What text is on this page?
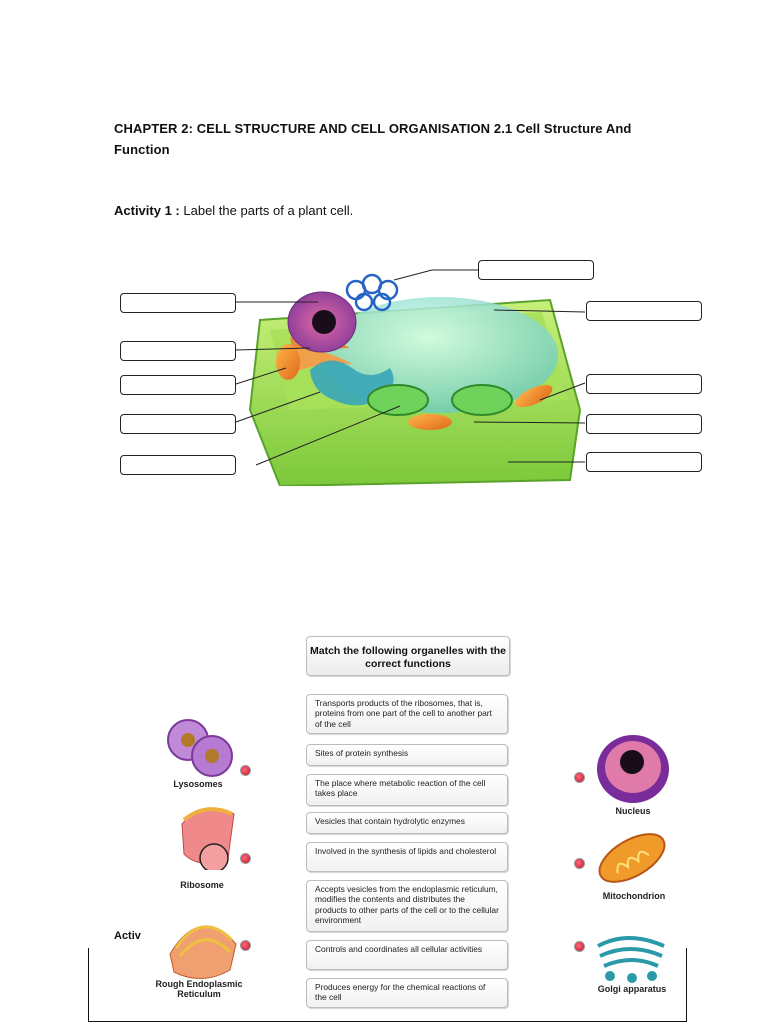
CHAPTER 2: CELL STRUCTURE AND CELL ORGANISATION 2.1 Cell Structure And Function
Activity 1 : Label the parts of a plant cell.
Match the following organelles with the correct functions
Transports products of the ribosomes, that is, proteins from one part of the cell to another part of the cell
Sites of protein synthesis
The place where metabolic reaction of the cell takes place
Vesicles that contain hydrolytic enzymes
Involved in the synthesis of lipids and cholesterol
Accepts vesicles from the endoplasmic reticulum, modifies the contents and distributes the products to other parts of the cell or to the cellular environment
Controls and coordinates all cellular activities
Produces energy for the chemical reactions of the cell
Lysosomes
Ribosome
Rough Endoplasmic Reticulum
Nucleus
Mitochondrion
Golgi apparatus
Activ
